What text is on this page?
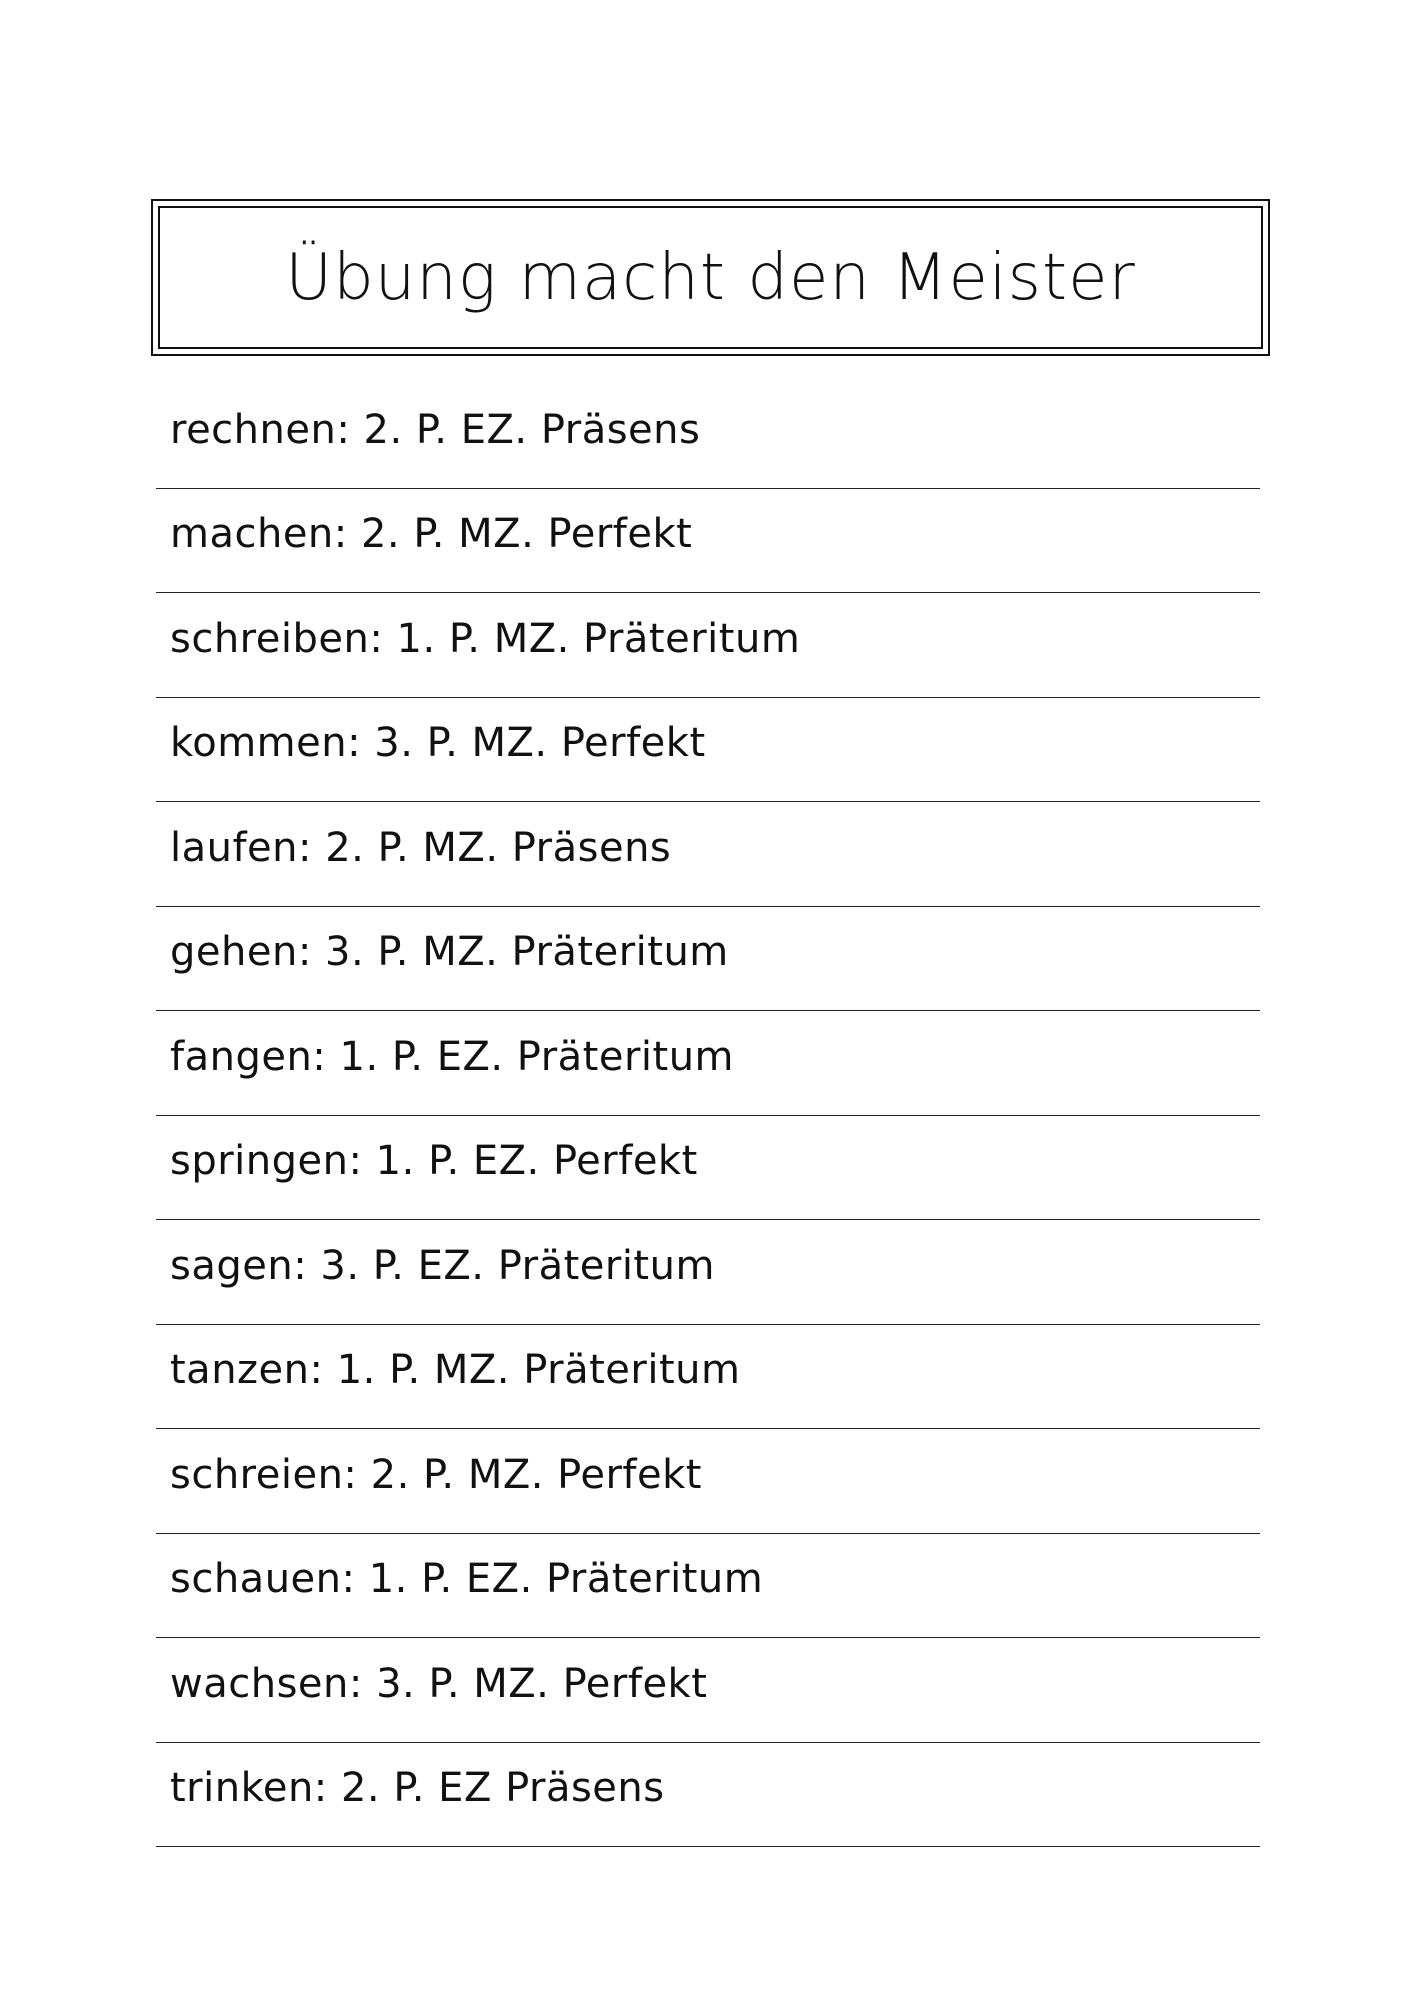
Übung macht den Meister
rechnen: 2. P. EZ. Präsens
machen: 2. P. MZ. Perfekt
schreiben: 1. P. MZ. Präteritum
kommen: 3. P. MZ. Perfekt
laufen: 2. P. MZ. Präsens
gehen: 3. P. MZ. Präteritum
fangen: 1. P. EZ. Präteritum
springen: 1. P. EZ. Perfekt
sagen: 3. P. EZ. Präteritum
tanzen: 1. P. MZ. Präteritum
schreien: 2. P. MZ. Perfekt
schauen: 1. P. EZ. Präteritum
wachsen: 3. P. MZ. Perfekt
trinken: 2. P. EZ Präsens
